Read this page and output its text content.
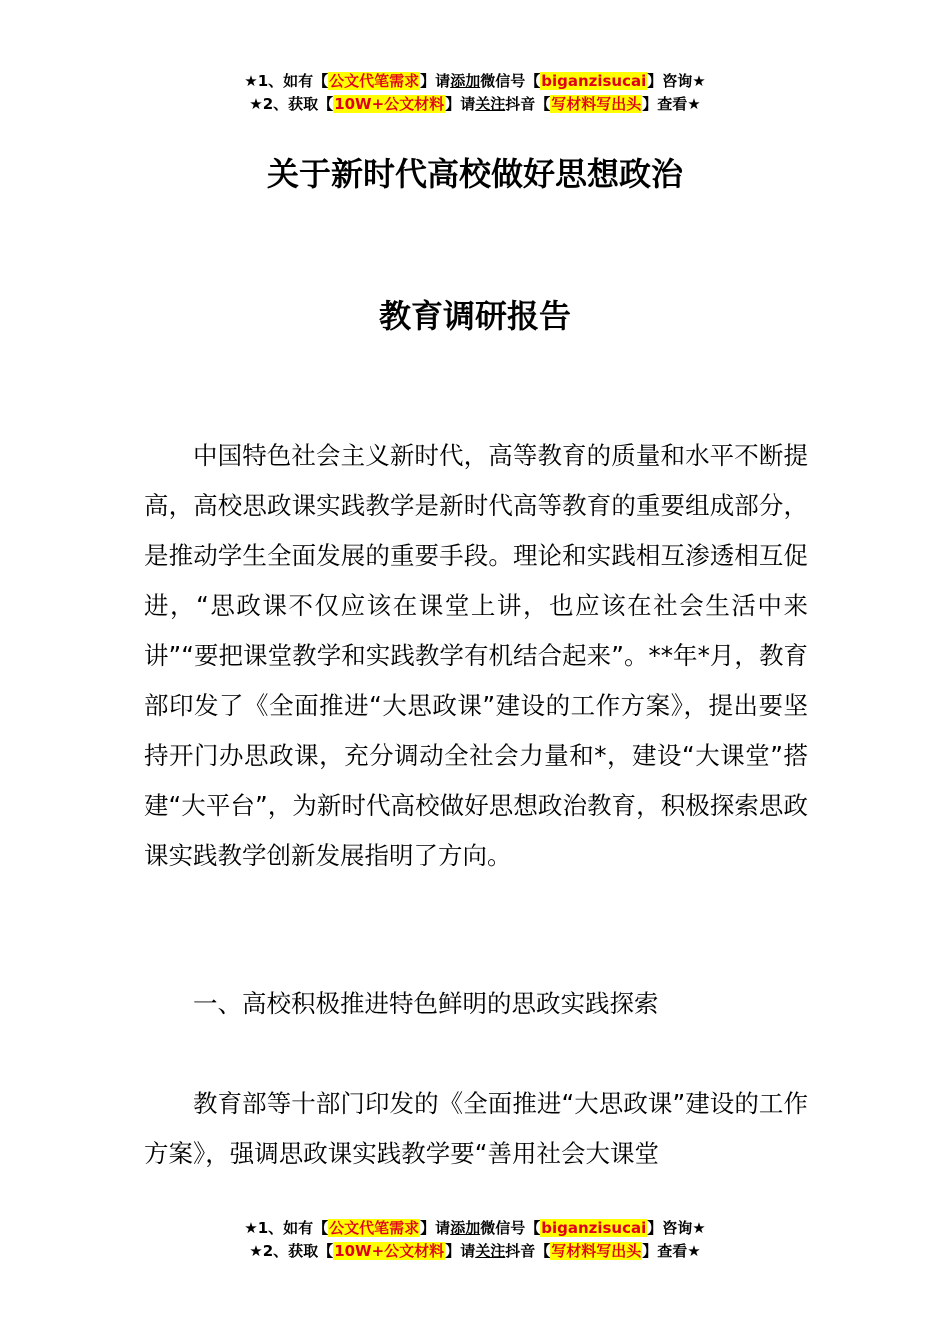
★1、如有【公文代笔需求】请添加微信号【biganzisucai】咨询★
★2、获取【10W+公文材料】请关注抖音【写材料写出头】查看★
关于新时代高校做好思想政治
教育调研报告

中国特色社会主义新时代，高等教育的质量和水平不断提高，高校思政课实践教学是新时代高等教育的重要组成部分，是推动学生全面发展的重要手段。理论和实践相互渗透相互促进，“思政课不仅应该在课堂上讲，也应该在社会生活中来讲”“要把课堂教学和实践教学有机结合起来”。**年*月，教育部印发了《全面推进“大思政课”建设的工作方案》，提出要坚持开门办思政课，充分调动全社会力量和*，建设“大课堂”搭建“大平台”，为新时代高校做好思想政治教育，积极探索思政课实践教学创新发展指明了方向。

一、高校积极推进特色鲜明的思政实践探索

教育部等十部门印发的《全面推进“大思政课”建设的工作方案》，强调思政课实践教学要“善用社会大课堂

★1、如有【公文代笔需求】请添加微信号【biganzisucai】咨询★
★2、获取【10W+公文材料】请关注抖音【写材料写出头】查看★
